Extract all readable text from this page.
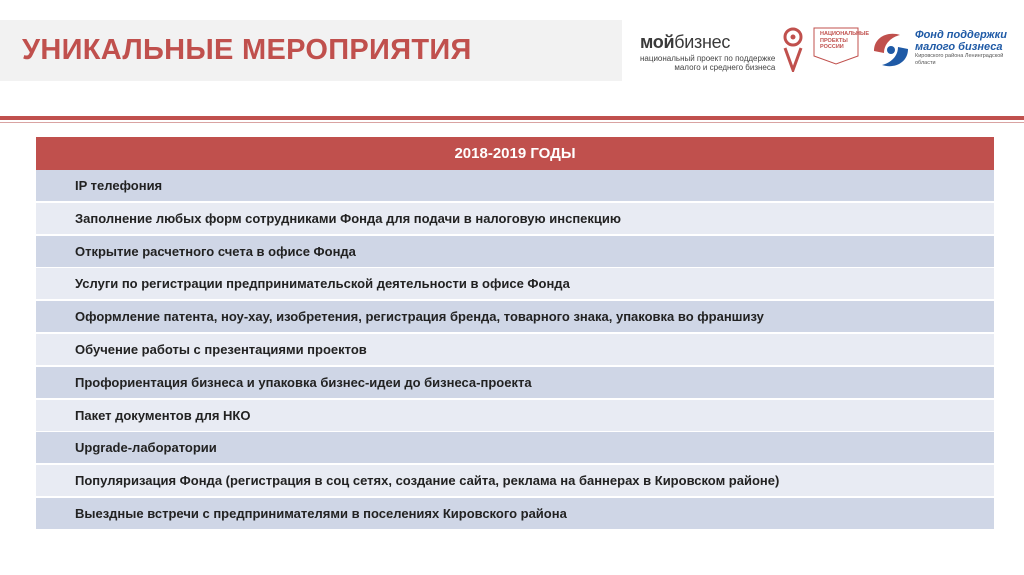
УНИКАЛЬНЫЕ МЕРОПРИЯТИЯ	мойбизнес
национальный проект по поддержке
малого и среднего бизнеса
НАЦИОНАЛЬНЫЕ
ПРОЕКТЫ
РОССИИ
Фонд поддержки
малого бизнеса
Кировского района Ленинградской области
2018-2019 ГОДЫ
IP телефония
Заполнение любых форм сотрудниками Фонда для подачи в налоговую инспекцию
Открытие расчетного счета в офисе Фонда
Услуги по регистрации предпринимательской деятельности в офисе Фонда
Оформление патента, ноу-хау, изобретения, регистрация бренда, товарного знака, упаковка во франшизу
Обучение работы с презентациями проектов
Профориентация бизнеса и упаковка бизнес-идеи до бизнеса-проекта
Пакет документов для НКО
Upgrade-лаборатории
Популяризация Фонда (регистрация в соц сетях, создание сайта, реклама на баннерах в Кировском районе)
Выездные встречи с предпринимателями в поселениях Кировского района
